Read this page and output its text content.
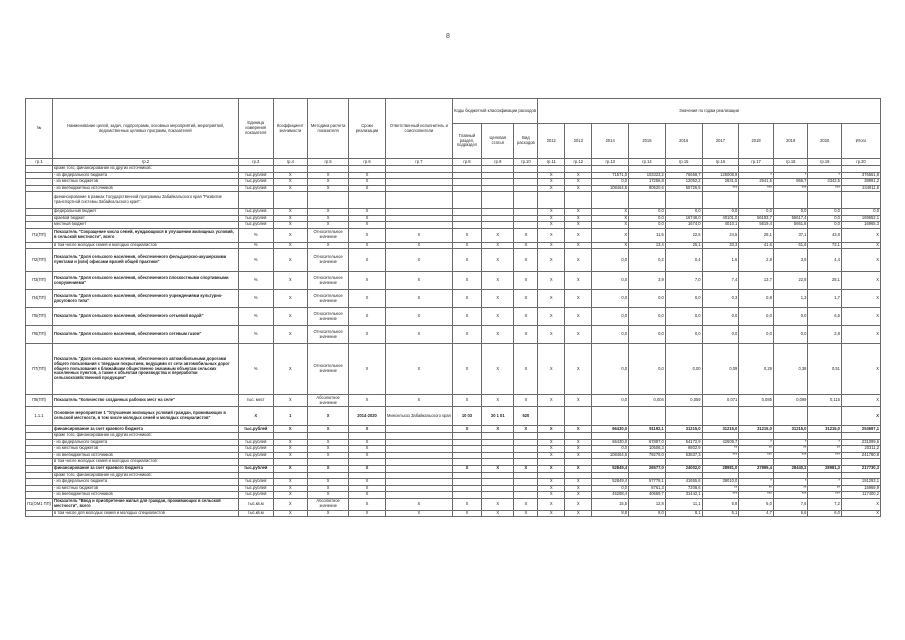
8
№	Наименование целей, задач, подпрограмм, основных мероприятий, мероприятий, ведомственных целевых программ, показателей	Единица измерения показателя	Коэффициент значимости	Методика расчета показателя	Сроки реализации	Ответственный исполнитель и соисполнители	Коды бюджетной классификации расходов			Значения по годам реализации									
							Главный раздел, подраздел	Целевая статья	Вид расходов	2012	2013	2014	2015	2016	2017	2018	2019	2020	Итого
гр.1	гр.2	гр.3	гр.4	гр.5	гр.6	гр.7	гр.8	гр.9	гр.10	гр.11	гр.12	гр.13	гр.14	гр.15	гр.16	гр.17	гр.18	гр.19	гр.20
	кроме того, финансирование из других источников:																		
	- из федерального бюджета	тыс.рублей	Х	Х	Х					Х	Х	71571,0	103323,2	76658,7	125008,9	*	*	*	376561,8
	- из местных бюджетов	тыс.рублей	Х	Х	Х					Х	Х	0,0	17256,8	12052,2	2831,5	2641,5	866,7	3342,5	38991,2
	- из внебюджетных источников	тыс.рублей	Х	Х	Х					Х	Х	108464,5	80520,6	55726,5	***	***	***	***	244911,6
	финансирование в рамках Государственной программы Забайкальского края "Развитие транспортной системы Забайкальского края":																		
	федеральный бюджет	тыс.рублей	Х	Х	Х					Х	Х	Х	0,0	0,0	0,0	0,0	0,0	0,0	0,0
	краевой бюджет	тыс.рублей	Х	Х	Х					Х	Х	Х	0,0	16748,0	40101,0	56193,7	56617,4	0,0	169652,1
	местный бюджет	тыс.рублей	Х	Х	Х					Х	Х	Х	0,0	1674,0	4010,1	5619,4	5661,8	0,0	16965,3
П1(ПП)	Показатель "Сокращение числа семей, нуждающихся в улучшении жилищных условий, в сельской местности", всего	%	Х	Относительное значение	Х	Х	Х	Х	Х	Х	Х	Х	11,5	22,5	24,5	28,1	37,1	43,8	Х
	в том числе молодых семей и молодых специалистов	%	Х	Х	Х	Х	Х	Х	Х	Х	Х	Х	13,4	25,1	33,3	41,6	61,6	73,1	Х
П2(ПП)	Показатель "Доля сельского населения, обеспеченного фельдшерско-акушерскими пунктами и (или) офисами врачей общей практики"	%	Х	Относительное значение	Х	Х	Х	Х	Х	Х	Х	0,0	0,2	0,4	1,6	2,8	3,6	4,4	Х
П3(ПП)	Показатель "Доля сельского населения, обеспеченного плоскостными спортивными сооружениями"	%	Х	Относительное значение	Х	Х	Х	Х	Х	Х	Х	0,0	3,9	7,0	7,4	13,7	22,8	28,1	Х
П4(ПП)	Показатель "Доля сельского населения, обеспеченного учреждениями культурно-досугового типа"	%	Х	Относительное значение	Х	Х	Х	Х	Х	Х	Х	0,0	0,0	0,0	0,3	0,8	1,3	1,7	Х
П5(ПП)	Показатель "Доля сельского населения, обеспеченного сетьевой водой"	%	Х	Относительное значение	Х	Х	Х	Х	Х	Х	Х	0,0	0,0	0,0	0,0	0,0	0,0	6,5	Х
П6(ПП)	Показатель "Доля сельского населения, обеспеченного сетевым газом"	%	Х	Относительное значение	Х	Х	Х	Х	Х	Х	Х	0,0	0,0	0,0	0,0	0,0	0,0	2,8	Х
П7(ПП)	Показатель "Доля сельского населения, обеспеченного автомобильными дорогами общего пользования с твердым покрытием, ведущими от сети автомобильных дорог общего пользования к ближайшим общественно значимым объектам сельских населенных пунктов, а также к объектам производства и переработки сельскохозяйственной продукции"	%	Х	Относительное значение	Х	Х	Х	Х	Х	Х	Х	0,0	0,0	0,00	0,09	0,29	0,38	0,51	Х
П8(ПП)	Показатель "Количество созданных рабочих мест на селе"	тыс. мест	Х	Абсолютное значение	Х	Х	Х	Х	Х	Х	Х	0,0	0,004	0,059	0,071	0,085	0,099	0,115	Х
1.1.1	Основное мероприятие 1 "Улучшение жилищных условий граждан, проживающих в сельской местности, в том числе молодых семей и молодых специалистов"	Х	1	Х	2014-2020	Минсельхоз Забайкальского края	10 03	20 1 01	520										Х
	финансирование за счет краевого бюджета	тыс.рублей	Х	Х	Х		Х	Х	Х	Х	Х	66430,0	91192,1	31215,0	31215,0	31215,0	31215,0	31215,0	253697,1
	кроме того, финансирование из других источников:																		
	- из федерального бюджета	тыс.рублей	Х	Х	Х					Х	Х	66430,0	67887,0	54172,9	42609,7	*	*	*	231099,6
	- из местных бюджетов	тыс.рублей	Х	Х	Х					Х	Х	0,0	10508,3	9802,9	**	**	**	**	20311,2
	- из внебюджетных источников	тыс.рублей	Х	Х	Х					Х	Х	108464,5	79279,0	53837,3	***	***	***	***	241780,8
	в том числе молодых семей и молодых специалистов:																		
	финансирование за счет краевого бюджета	тыс.рублей	Х	Х	Х		Х	Х	Х	Х	Х	52849,4	26577,0	24002,0	28981,0	27899,4	28440,2	28981,3	217730,3
	кроме того, финансирование из других источников:																		
	- из федерального бюджета	тыс.рублей	Х	Х	Х					Х	Х	52849,4	57778,1	41655,6	39010,0	*	*	*	191293,1
	- из местных бюджетов	тыс.рублей	Х	Х	Х					Х	Х	0,0	8761,3	7208,6	**	**	**	**	15969,9
	- из внебюджетных источников	тыс.рублей	Х	Х	Х					Х	Х	45288,4	40669,7	31442,1	***	***	***	***	117400,2
П1(ОМ1 ПП)	Показатель "Ввод и приобретение жилья для граждан, проживающих в сельской местности", всего	тыс.кв.м	Х	Абсолютное значение	Х	Х	Х	Х	Х	Х	Х	15,5	12,8	11,1	5,8	6,0	7,6	7,2	Х
	в том числе для молодых семей и молодых специалистов	тыс.кв.м	Х	Х	Х	Х	Х	Х	Х	Х	Х	8,8	8,0	8,1	5,1	4,7	6,6	6,0	Х
